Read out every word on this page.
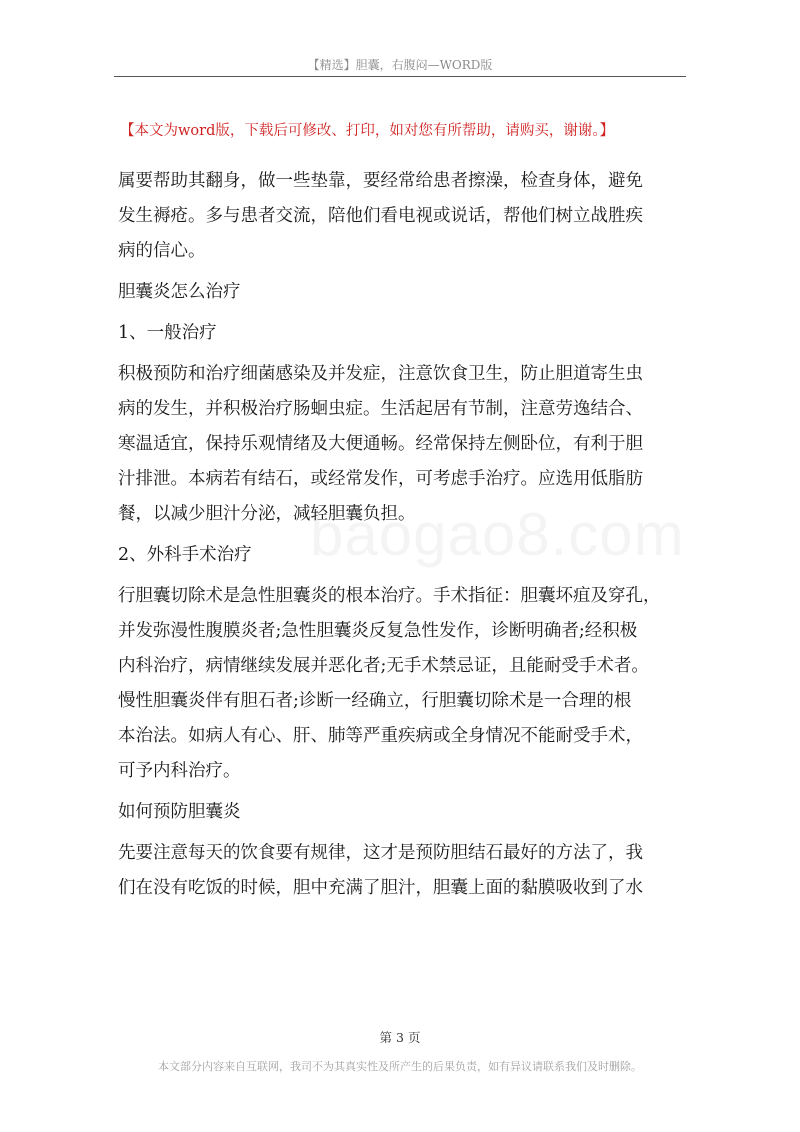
【精选】胆囊，右腹闷—WORD版
【本文为word版，下载后可修改、打印，如对您有所帮助，请购买，谢谢。】

属要帮助其翻身，做一些垫靠，要经常给患者擦澡，检查身体，避免
发生褥疮。多与患者交流，陪他们看电视或说话，帮他们树立战胜疾
病的信心。

胆囊炎怎么治疗

1、一般治疗

积极预防和治疗细菌感染及并发症，注意饮食卫生，防止胆道寄生虫
病的发生，并积极治疗肠蛔虫症。生活起居有节制，注意劳逸结合、
寒温适宜，保持乐观情绪及大便通畅。经常保持左侧卧位，有利于胆
汁排泄。本病若有结石，或经常发作，可考虑手治疗。应选用低脂肪
餐，以减少胆汁分泌，减轻胆囊负担。

2、外科手术治疗

行胆囊切除术是急性胆囊炎的根本治疗。手术指征：胆囊坏疽及穿孔，
并发弥漫性腹膜炎者;急性胆囊炎反复急性发作，诊断明确者;经积极
内科治疗，病情继续发展并恶化者;无手术禁忌证，且能耐受手术者。
慢性胆囊炎伴有胆石者;诊断一经确立，行胆囊切除术是一合理的根
本治法。如病人有心、肝、肺等严重疾病或全身情况不能耐受手术，
可予内科治疗。

如何预防胆囊炎

先要注意每天的饮食要有规律，这才是预防胆结石最好的方法了，我
们在没有吃饭的时候，胆中充满了胆汁，胆囊上面的黏膜吸收到了水

第 3 页
本文部分内容来自互联网，我司不为其真实性及所产生的后果负责，如有异议请联系我们及时删除。
